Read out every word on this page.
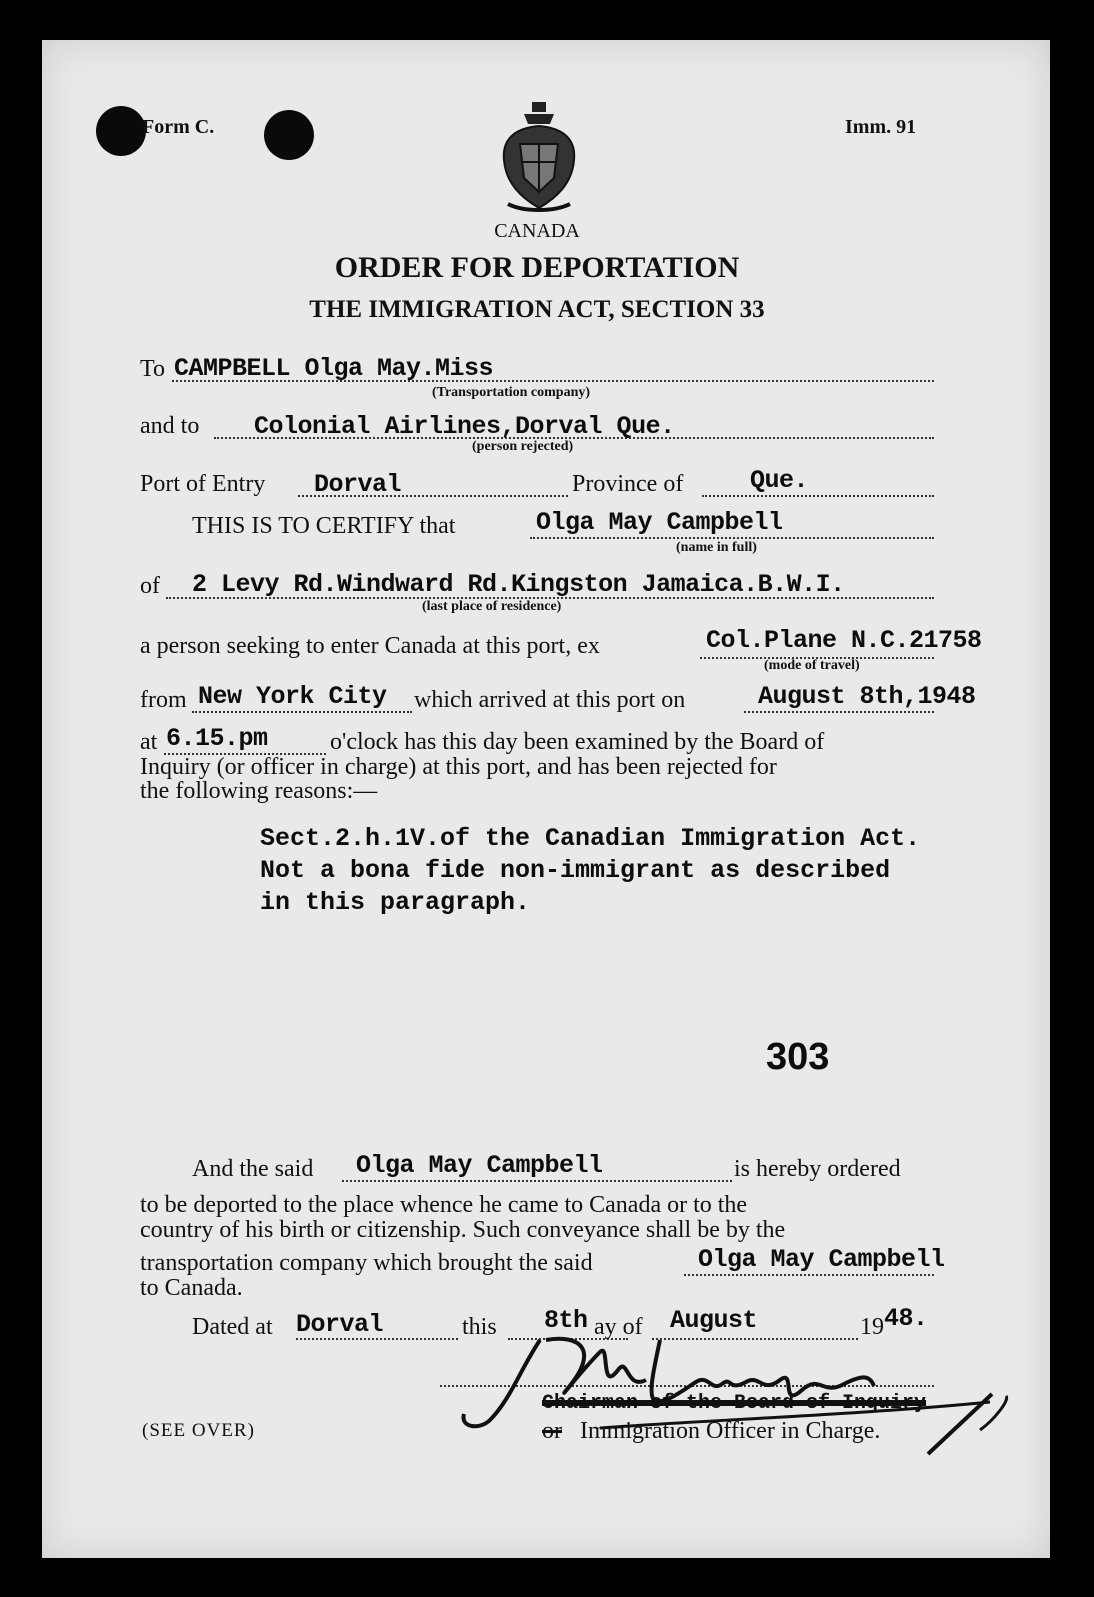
Form C.	Imm. 91
CANADA
ORDER FOR DEPORTATION
THE IMMIGRATION ACT, SECTION 33
To CAMPBELL Olga May.Miss
(Transportation company)
and to Colonial Airlines,Dorval Que.
(person rejected)
Port of Entry Dorval	Province of	Que.
THIS IS TO CERTIFY that	Olga May Campbell
(name in full)
of 2 Levy Rd.Windward Rd.Kingston Jamaica.B.W.I.
(last place of residence)
a person seeking to enter Canada at this port, ex	Col.Plane N.C.21758
(mode of travel)
from New York City which arrived at this port on	August 8th,1948
at 6.15.pm	o'clock has this day been examined by the Board of
Inquiry (or officer in charge) at this port, and has been rejected for
the following reasons:—
Sect.2.h.1V.of the Canadian Immigration Act.
Not a bona fide non-immigrant as described
in this paragraph.
303
And the said Olga May Campbell	is hereby ordered
to be deported to the place whence he came to Canada or to the
country of his birth or citizenship. Such conveyance shall be by the
transportation company which brought the said	Olga May Campbell
to Canada.
Dated at Dorval	this 8th ay of August	19 48.
Chairman of the Board of Inquiry
or Immigration Officer in Charge.
(SEE OVER)
